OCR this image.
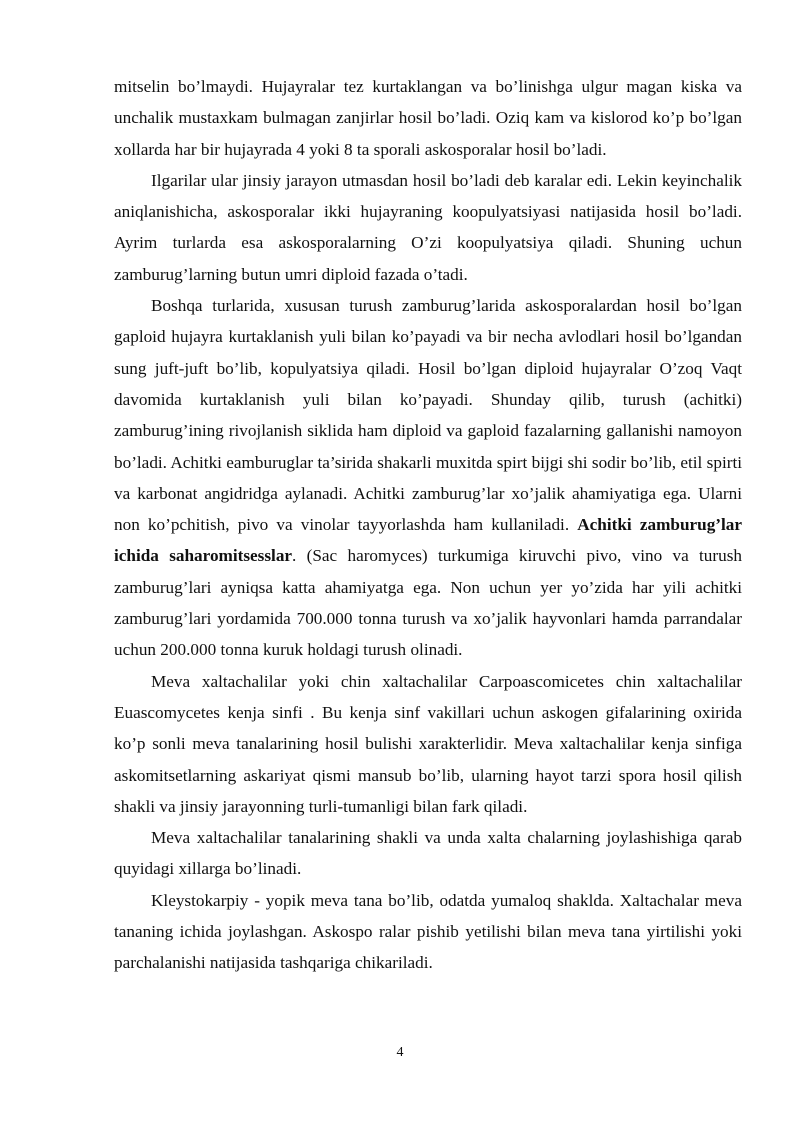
mitselin bo’lmaydi. Hujayralar tez kurtaklangan va bo’linishga ulgur magan kiska va unchalik mustaxkam bulmagan zanjirlar hosil bo’ladi. Oziq kam va kislorod ko’p bo’lgan xollarda har bir hujayrada 4 yoki 8 ta sporali askosporalar hosil bo’ladi.

Ilgarilar ular jinsiy jarayon utmasdan hosil bo’ladi deb karalar edi. Lekin keyinchalik aniqlanishicha, askosporalar ikki hujayraning koopulyatsiyasi natijasida hosil bo’ladi. Ayrim turlarda esa askosporalarning O’zi koopulyatsiya qiladi. Shuning uchun zamburug’larning butun umri diploid fazada o’tadi.

Boshqa turlarida, xususan turush zamburug’larida askosporalardan hosil bo’lgan gaploid hujayra kurtaklanish yuli bilan ko’payadi va bir necha avlodlari hosil bo’lgandan sung juft-juft bo’lib, kopulyatsiya qiladi. Hosil bo’lgan diploid hujayralar O’zoq Vaqt davomida kurtaklanish yuli bilan ko’payadi. Shunday qilib, turush (achitki) zamburug’ining rivojlanish siklida ham diploid va gaploid fazalarning gallanishi namoyon bo’ladi. Achitki eamburuglar ta’sirida shakarli muxitda spirt bijgi shi sodir bo’lib, etil spirti va karbonat angidridga aylanadi. Achitki zamburug’lar xo’jalik ahamiyatiga ega. Ularni non ko’pchitish, pivo va vinolar tayyorlashda ham kullaniladi. Achitki zamburug’lar ichida saharomitsesslar. (Sac haromyces) turkumiga kiruvchi pivo, vino va turush zamburug’lari ayniqsa katta ahamiyatga ega. Non uchun yer yo’zida har yili achitki zamburug’lari yordamida 700.000 tonna turush va xo’jalik hayvonlari hamda parrandalar uchun 200.000 tonna kuruk holdagi turush olinadi.

Meva xaltachalilar yoki chin xaltachalilar Carpoascomicetes chin xaltachalilar Euascomycetes kenja sinfi . Bu kenja sinf vakillari uchun askogen gifalarining oxirida ko’p sonli meva tanalarining hosil bulishi xarakterlidir. Meva xaltachalilar kenja sinfiga askomitsetlarning askariyat qismi mansub bo’lib, ularning hayot tarzi spora hosil qilish shakli va jinsiy jarayonning turli-tumanligi bilan fark qiladi.

Meva xaltachalilar tanalarining shakli va unda xalta chalarning joylashishiga qarab quyidagi xillarga bo’linadi.

Kleystokarpiy - yopik meva tana bo’lib, odatda yumaloq shaklda. Xaltachalar meva tananing ichida joylashgan. Askospo ralar pishib yetilishi bilan meva tana yirtilishi yoki parchalanishi natijasida tashqariga chikariladi.

4
